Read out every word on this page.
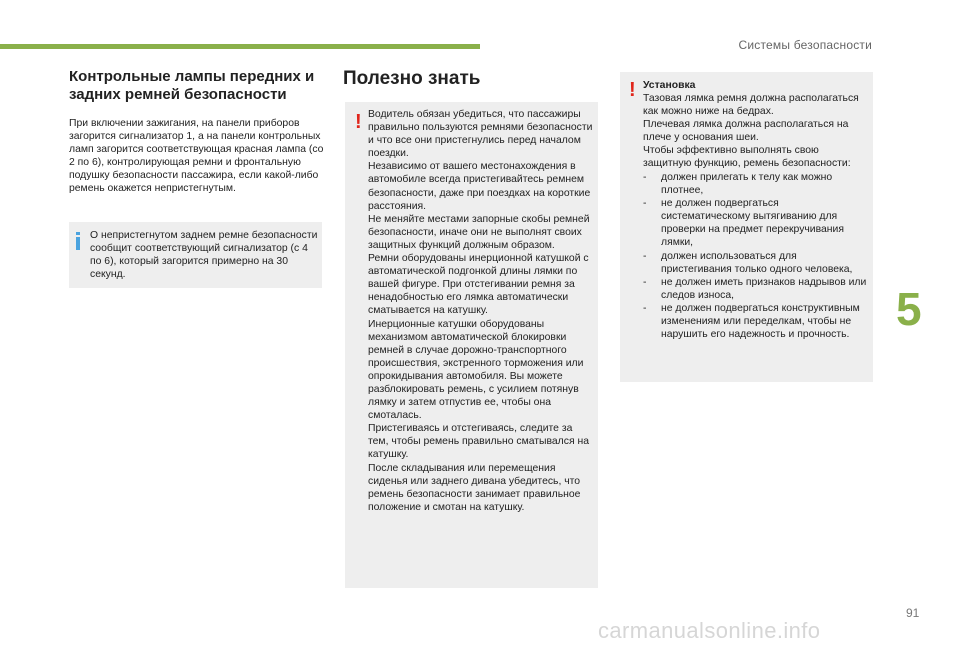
Системы безопасности
5
Контрольные лампы передних и задних ремней безопасности

При включении зажигания, на панели приборов загорится сигнализатор 1, а на панели контрольных ламп загорится соответствующая красная лампа (со 2 по 6), контролирующая ремни и фронтальную подушку безопасности пассажира, если какой-либо ремень окажется непристегнутым.

О непристегнутом заднем ремне безопасности сообщит соответствующий сигнализатор (с 4 по 6), который загорится примерно на 30 секунд.

Полезно знать
! Водитель обязан убедиться, что пассажиры правильно пользуются ремнями безопасности и что все они пристегнулись перед началом поездки.
Независимо от вашего местонахождения в автомобиле всегда пристегивайтесь ремнем безопасности, даже при поездках на короткие расстояния.
Не меняйте местами запорные скобы ремней безопасности, иначе они не выполнят своих защитных функций должным образом.
Ремни оборудованы инерционной катушкой с автоматической подгонкой длины лямки по вашей фигуре. При отстегивании ремня за ненадобностью его лямка автоматически сматывается на катушку.
Инерционные катушки оборудованы механизмом автоматической блокировки ремней в случае дорожно-транспортного происшествия, экстренного торможения или опрокидывания автомобиля. Вы можете разблокировать ремень, с усилием потянув лямку и затем отпустив ее, чтобы она смоталась.
Пристегиваясь и отстегиваясь, следите за тем, чтобы ремень правильно сматывался на катушку.
После складывания или перемещения сиденья или заднего дивана убедитесь, что ремень безопасности занимает правильное положение и смотан на катушку.

! Установка

Тазовая лямка ремня должна располагаться как можно ниже на бедрах.
Плечевая лямка должна располагаться на плече у основания шеи.
Чтобы эффективно выполнять свою защитную функцию, ремень безопасности:

- должен прилегать к телу как можно плотнее,
- не должен подвергаться систематическому вытягиванию для проверки на предмет перекручивания лямки,
- должен использоваться для пристегивания только одного человека,
- не должен иметь признаков надрывов или следов износа,
- не должен подвергаться конструктивным изменениям или переделкам, чтобы не нарушить его надежность и прочность.
91
carmanualsonline.info
